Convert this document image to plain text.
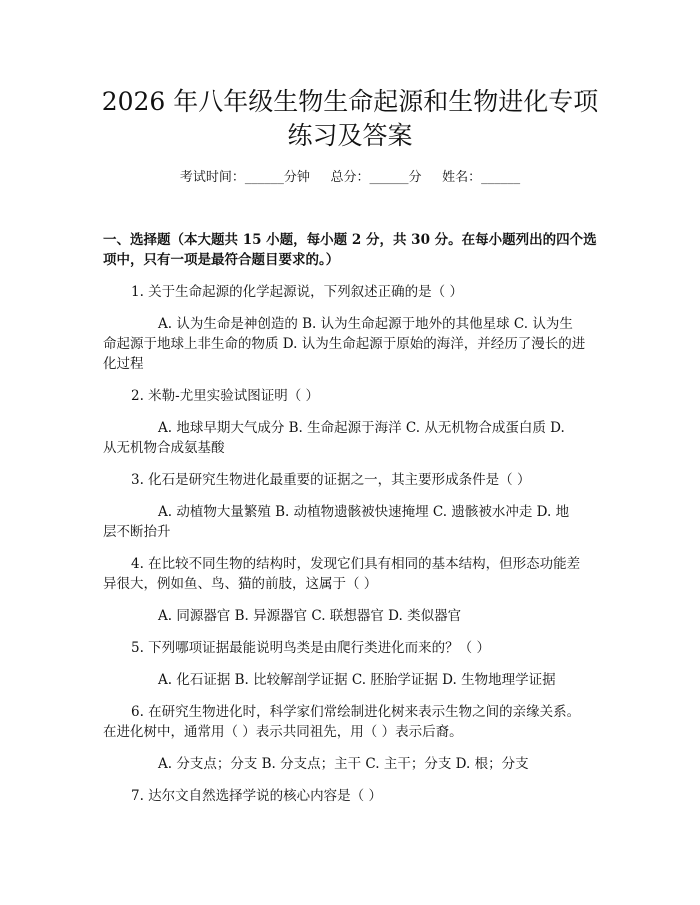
2026 年八年级生物生命起源和生物进化专项
练习及答案
考试时间：______分钟     总分：______分     姓名：______
一、选择题（本大题共 15 小题，每小题 2 分，共 30 分。在每小题列出的四个选
项中，只有一项是最符合题目要求的。）
1. 关于生命起源的化学起源说，下列叙述正确的是（ ）
A. 认为生命是神创造的 B. 认为生命起源于地外的其他星球 C. 认为生
命起源于地球上非生命的物质 D. 认为生命起源于原始的海洋，并经历了漫长的进
化过程
2. 米勒-尤里实验试图证明（ ）
A. 地球早期大气成分 B. 生命起源于海洋 C. 从无机物合成蛋白质 D.
从无机物合成氨基酸
3. 化石是研究生物进化最重要的证据之一，其主要形成条件是（ ）
A. 动植物大量繁殖 B. 动植物遗骸被快速掩埋 C. 遗骸被水冲走 D. 地
层不断抬升
4. 在比较不同生物的结构时，发现它们具有相同的基本结构，但形态功能差
异很大，例如鱼、鸟、猫的前肢，这属于（ ）
A. 同源器官 B. 异源器官 C. 联想器官 D. 类似器官
5. 下列哪项证据最能说明鸟类是由爬行类进化而来的？（ ）
A. 化石证据 B. 比较解剖学证据 C. 胚胎学证据 D. 生物地理学证据
6. 在研究生物进化时，科学家们常绘制进化树来表示生物之间的亲缘关系。
在进化树中，通常用（ ）表示共同祖先，用（ ）表示后裔。
A. 分支点；分支 B. 分支点；主干 C. 主干；分支 D. 根；分支
7. 达尔文自然选择学说的核心内容是（ ）
